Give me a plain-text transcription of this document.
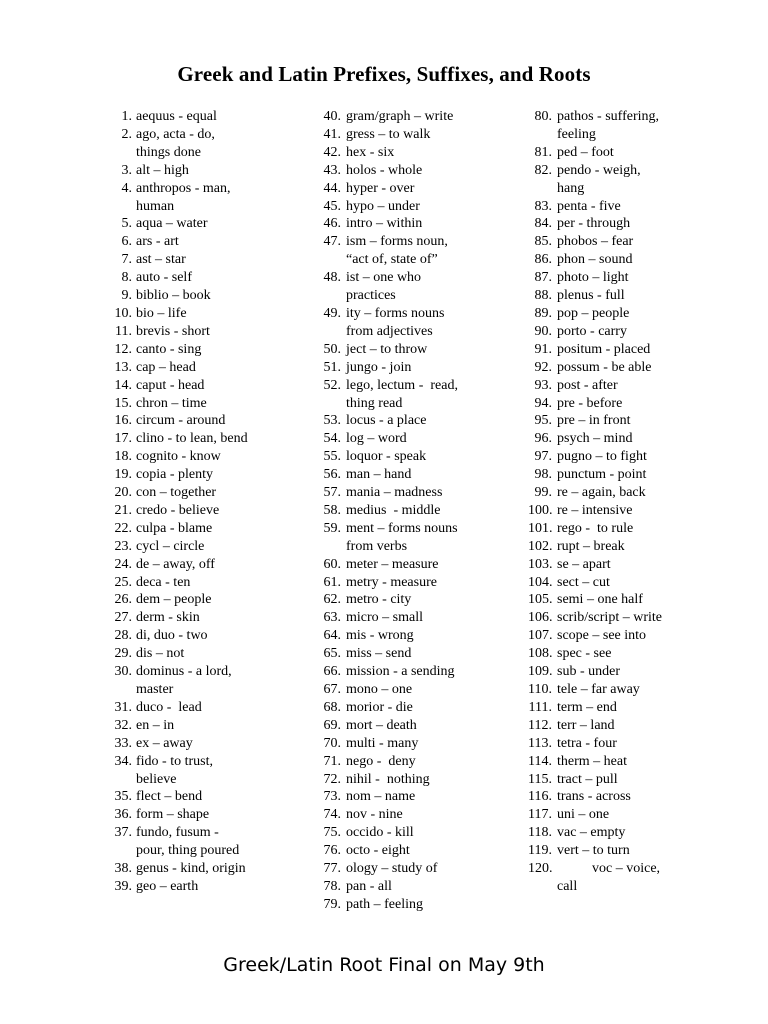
Greek and Latin Prefixes, Suffixes, and Roots
1. aequus - equal
2. ago, acta - do,
things done
3. alt – high
4. anthropos - man,
human
5. aqua – water
6. ars - art
7. ast – star
8. auto - self
9. biblio – book
10. bio – life
11. brevis - short
12. canto - sing
13. cap – head
14. caput - head
15. chron – time
16. circum - around
17. clino - to lean, bend
18. cognito - know
19. copia - plenty
20. con – together
21. credo - believe
22. culpa - blame
23. cycl – circle
24. de – away, off
25. deca - ten
26. dem – people
27. derm - skin
28. di, duo - two
29. dis – not
30. dominus - a lord,
master
31. duco -  lead
32. en – in
33. ex – away
34. fido - to trust,
believe
35. flect – bend
36. form – shape
37. fundo, fusum -
pour, thing poured
38. genus - kind, origin
39. geo – earth
40. gram/graph – write
41. gress – to walk
42. hex - six
43. holos - whole
44. hyper - over
45. hypo – under
46. intro – within
47. ism – forms noun,
“act of, state of”
48. ist – one who
practices
49. ity – forms nouns
from adjectives
50. ject – to throw
51. jungo - join
52. lego, lectum -  read,
thing read
53. locus - a place
54. log – word
55. loquor - speak
56. man – hand
57. mania – madness
58. medius  - middle
59. ment – forms nouns
from verbs
60. meter – measure
61. metry - measure
62. metro - city
63. micro – small
64. mis - wrong
65. miss – send
66. mission - a sending
67. mono – one
68. morior - die
69. mort – death
70. multi - many
71. nego -  deny
72. nihil -  nothing
73. nom – name
74. nov - nine
75. occido - kill
76. octo - eight
77. ology – study of
78. pan - all
79. path – feeling
80. pathos - suffering,
feeling
81. ped – foot
82. pendo - weigh,
hang
83. penta - five
84. per - through
85. phobos – fear
86. phon – sound
87. photo – light
88. plenus - full
89. pop – people
90. porto - carry
91. positum - placed
92. possum - be able
93. post - after
94. pre - before
95. pre – in front
96. psych – mind
97. pugno – to fight
98. punctum - point
99. re – again, back
100. re – intensive
101. rego -  to rule
102. rupt – break
103. se – apart
104. sect – cut
105. semi – one half
106. scrib/script – write
107. scope – see into
108. spec - see
109. sub - under
110. tele – far away
111. term – end
112. terr – land
113. tetra - four
114. therm – heat
115. tract – pull
116. trans - across
117. uni – one
118. vac – empty
119. vert – to turn
120.	voc – voice,
call
Greek/Latin Root Final on May 9th
